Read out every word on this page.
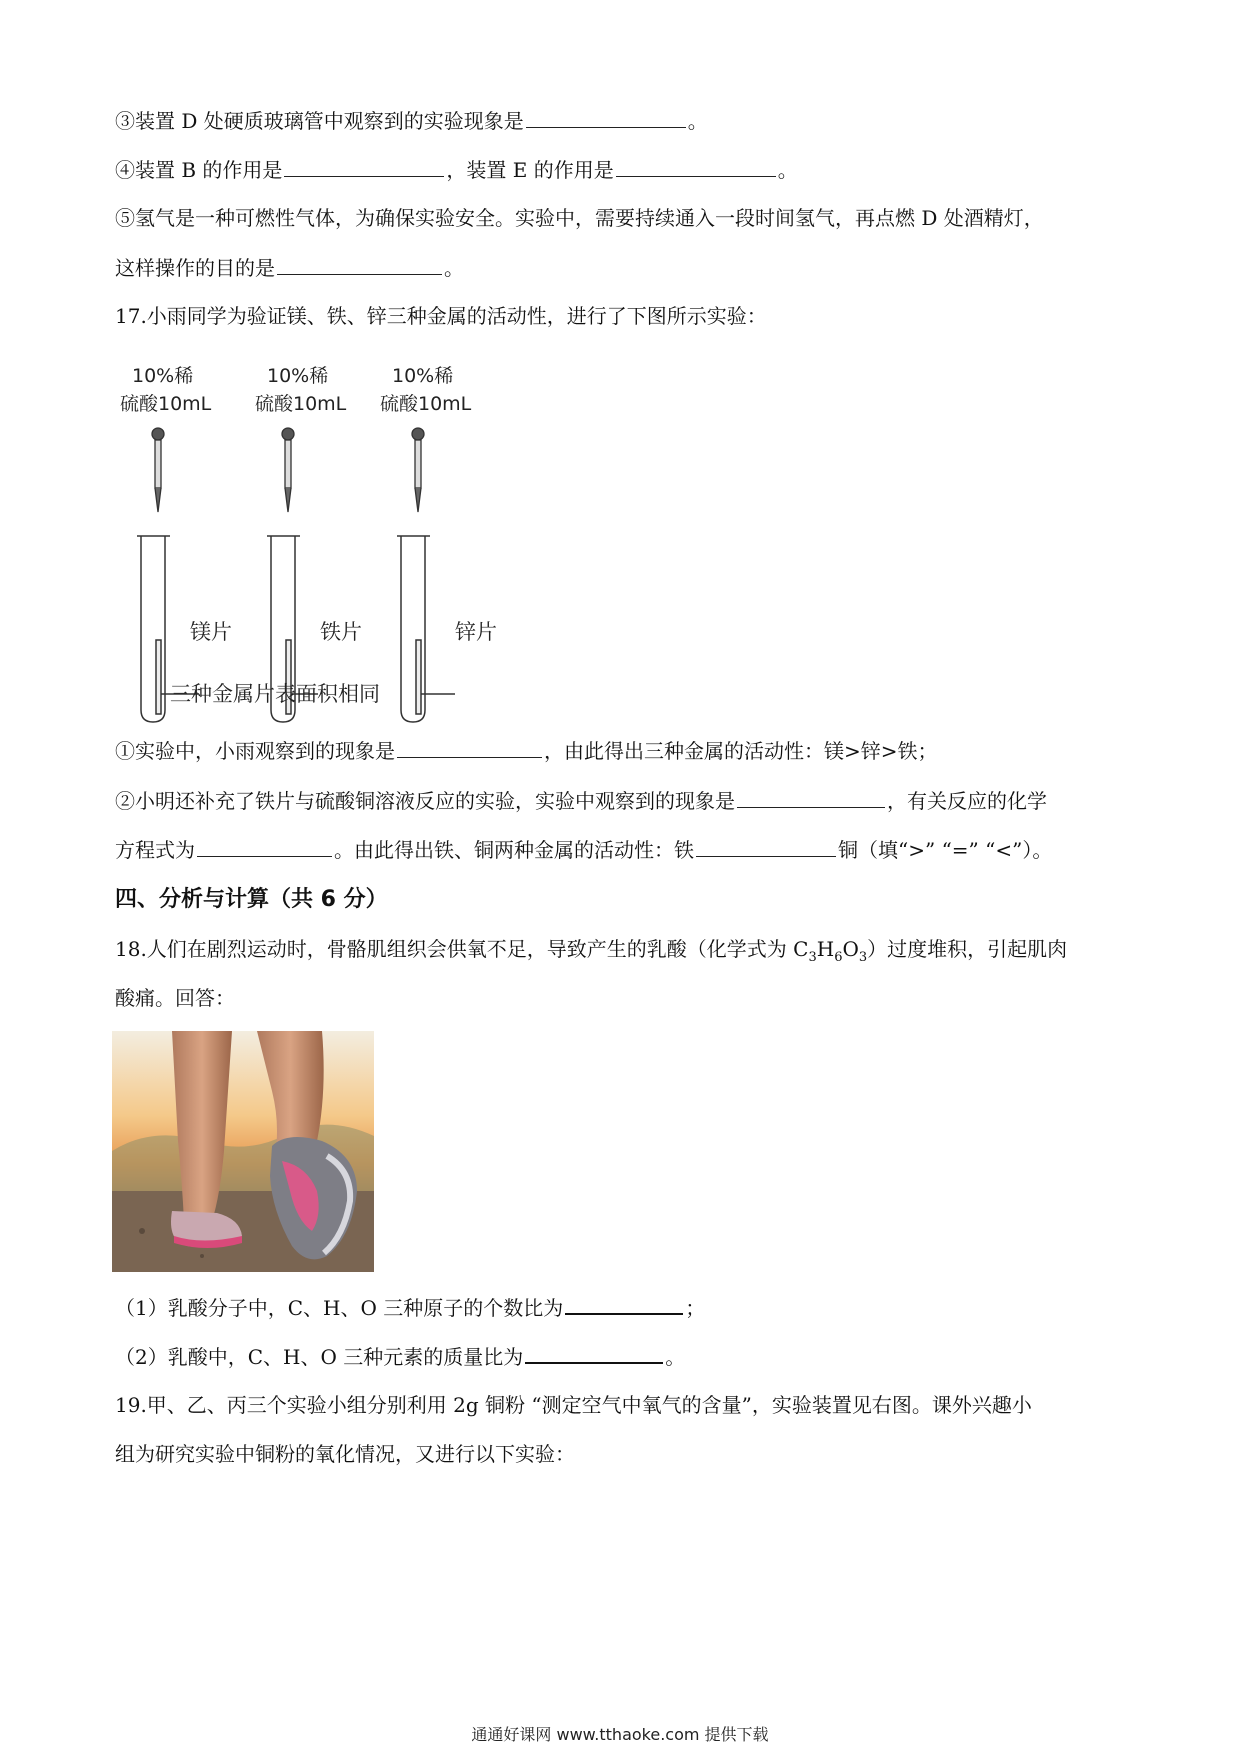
③装置 D 处硬质玻璃管中观察到的实验现象是	。
④装置 B 的作用是	，装置 E 的作用是	。
⑤氢气是一种可燃性气体，为确保实验安全。实验中，需要持续通入一段时间氢气，再点燃 D 处酒精灯，
这样操作的目的是	。
17.小雨同学为验证镁、铁、锌三种金属的活动性，进行了下图所示实验：
10%稀
硫酸10mL
10%稀
硫酸10mL
10%稀
硫酸10mL
镁片	铁片	锌片
三种金属片表面积相同
①实验中，小雨观察到的现象是	，由此得出三种金属的活动性：镁>锌>铁；
②小明还补充了铁片与硫酸铜溶液反应的实验，实验中观察到的现象是	，有关反应的化学
方程式为	。由此得出铁、铜两种金属的活动性：铁	铜（填“>” “=” “<”）。
四、分析与计算（共 6 分）
18.人们在剧烈运动时，骨骼肌组织会供氧不足，导致产生的乳酸（化学式为 $C_3H_6O_3$）过度堆积，引起肌肉
酸痛。回答：
（1）乳酸分子中，C、H、O 三种原子的个数比为	；
（2）乳酸中，C、H、O 三种元素的质量比为	。
19.甲、乙、丙三个实验小组分别利用 2g 铜粉 “测定空气中氧气的含量”，实验装置见右图。课外兴趣小
组为研究实验中铜粉的氧化情况，又进行以下实验：
通通好课网 www.tthaoke.com 提供下载
